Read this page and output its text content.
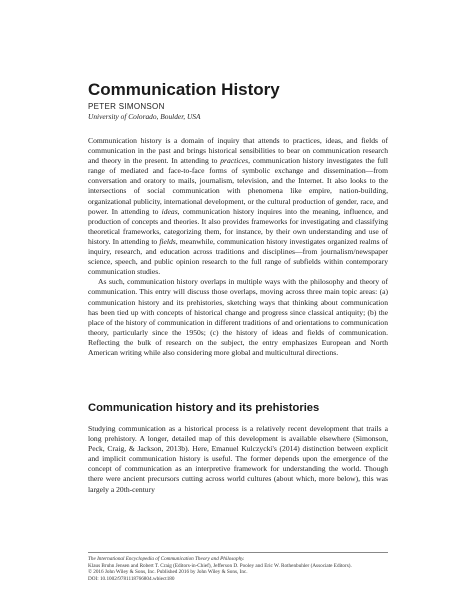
Communication History
PETER SIMONSON
University of Colorado, Boulder, USA

Communication history is a domain of inquiry that attends to practices, ideas, and fields of communication in the past and brings historical sensibilities to bear on communication research and theory in the present. In attending to practices, communication history investigates the full range of mediated and face-to-face forms of symbolic exchange and dissemination—from conversation and oratory to mails, journalism, television, and the Internet. It also looks to the intersections of social communication with phenomena like empire, nation-building, organizational publicity, international development, or the cultural production of gender, race, and power. In attending to ideas, communication history inquires into the meaning, influence, and production of concepts and theories. It also provides frameworks for investigating and classifying theoretical frameworks, categorizing them, for instance, by their own understanding and use of history. In attending to fields, meanwhile, communication history investigates organized realms of inquiry, research, and education across traditions and disciplines—from journalism/newspaper science, speech, and public opinion research to the full range of subfields within contemporary communication studies.

As such, communication history overlaps in multiple ways with the philosophy and theory of communication. This entry will discuss those overlaps, moving across three main topic areas: (a) communication history and its prehistories, sketching ways that thinking about communication has been tied up with concepts of historical change and progress since classical antiquity; (b) the place of the history of communication in different traditions of and orientations to communication theory, particularly since the 1950s; (c) the history of ideas and fields of communication. Reflecting the bulk of research on the subject, the entry emphasizes European and North American writing while also considering more global and multicultural directions.

Communication history and its prehistories

Studying communication as a historical process is a relatively recent development that trails a long prehistory. A longer, detailed map of this development is available elsewhere (Simonson, Peck, Craig, & Jackson, 2013b). Here, Emanuel Kulczycki's (2014) distinction between explicit and implicit communication history is useful. The former depends upon the emergence of the concept of communication as an interpretive framework for understanding the world. Though there were ancient precursors cutting across world cultures (about which, more below), this was largely a 20th-century

The International Encyclopedia of Communication Theory and Philosophy.
Klaus Bruhn Jensen and Robert T. Craig (Editors-in-Chief), Jefferson D. Pooley and Eric W. Rothenbuhler (Associate Editors).
© 2016 John Wiley & Sons, Inc. Published 2016 by John Wiley & Sons, Inc.
DOI: 10.1002/9781118766804.wbiect180
